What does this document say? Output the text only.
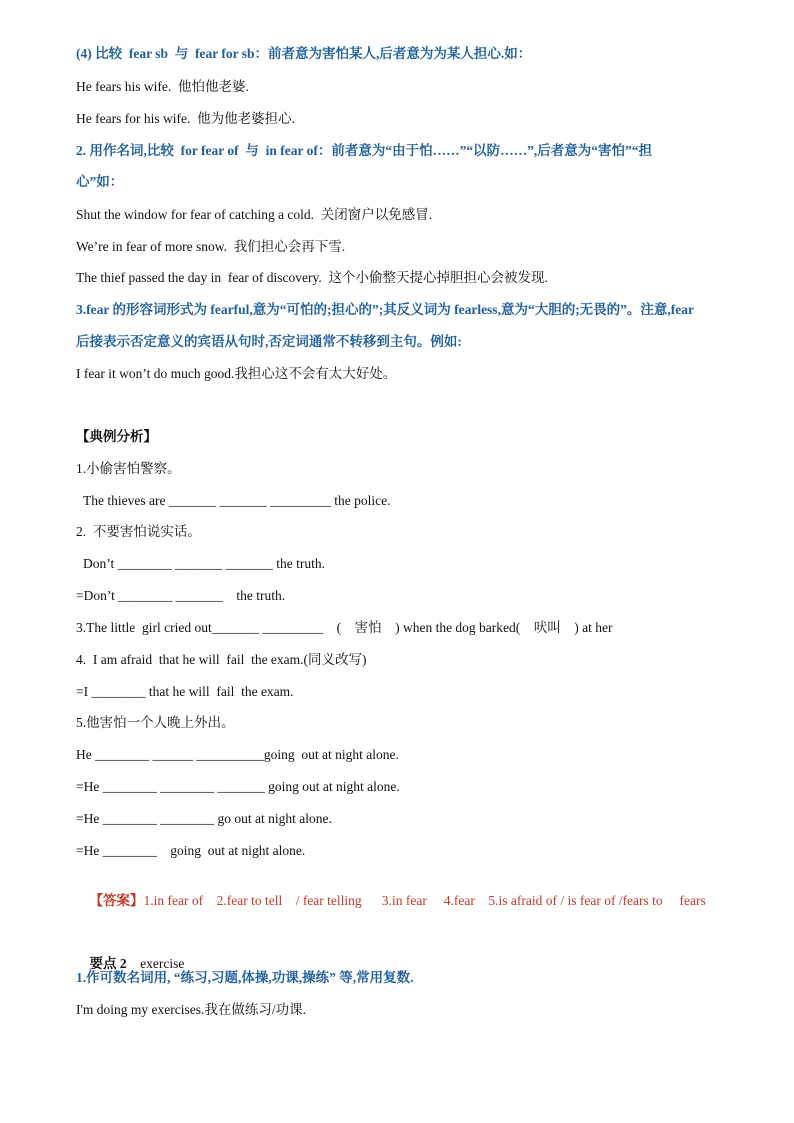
(4) 比较  fear sb  与  fear for sb：前者意为害怕某人,后者意为为某人担心.如：
He fears his wife.  他怕他老婆.
He fears for his wife.  他为他老婆担心.
2. 用作名词,比较  for fear of  与  in fear of：前者意为“由于怕……”“以防……”,后者意为“害怕”“担
心”如：
Shut the window for fear of catching a cold.  关闭窗户以免感冒.
We’re in fear of more snow.  我们担心会再下雪.
The thief passed the day in  fear of discovery.  这个小偷整天提心掉胆担心会被发现.
3.fear 的形容词形式为 fearful,意为“可怕的;担心的”;其反义词为 fearless,意为“大胆的;无畏的”。注意,fear
后接表示否定意义的宾语从句时,否定词通常不转移到主句。例如:
I fear it won’t do much good.我担心这不会有太大好处。
【典例分析】
1.小偷害怕警察。
The thieves are _______ _______ _________ the police.
2.  不要害怕说实话。
Don’t ________ _______ _______ the truth.
=Don’t ________ _______    the truth.
3.The little  girl cried out_______ _________    (    害怕    ) when the dog barked(    吠叫    ) at her
4.  I am afraid  that he will  fail  the exam.(同义改写)
=I ________ that he will  fail  the exam.
5.他害怕一个人晚上外出。
He ________ ______ __________going  out at night alone.
=He ________ ________ _______ going out at night alone.
=He ________ ________ go out at night alone.
=He ________    going  out at night alone.

【答案】1.in fear of    2.fear to tell    / fear telling      3.in fear     4.fear    5.is afraid of / is fear of /fears to     fears

要点 2    exercise

1.作可数名词用, “练习,习题,体操,功课,操练” 等,常用复数.
I'm doing my exercises.我在做练习/功课.
